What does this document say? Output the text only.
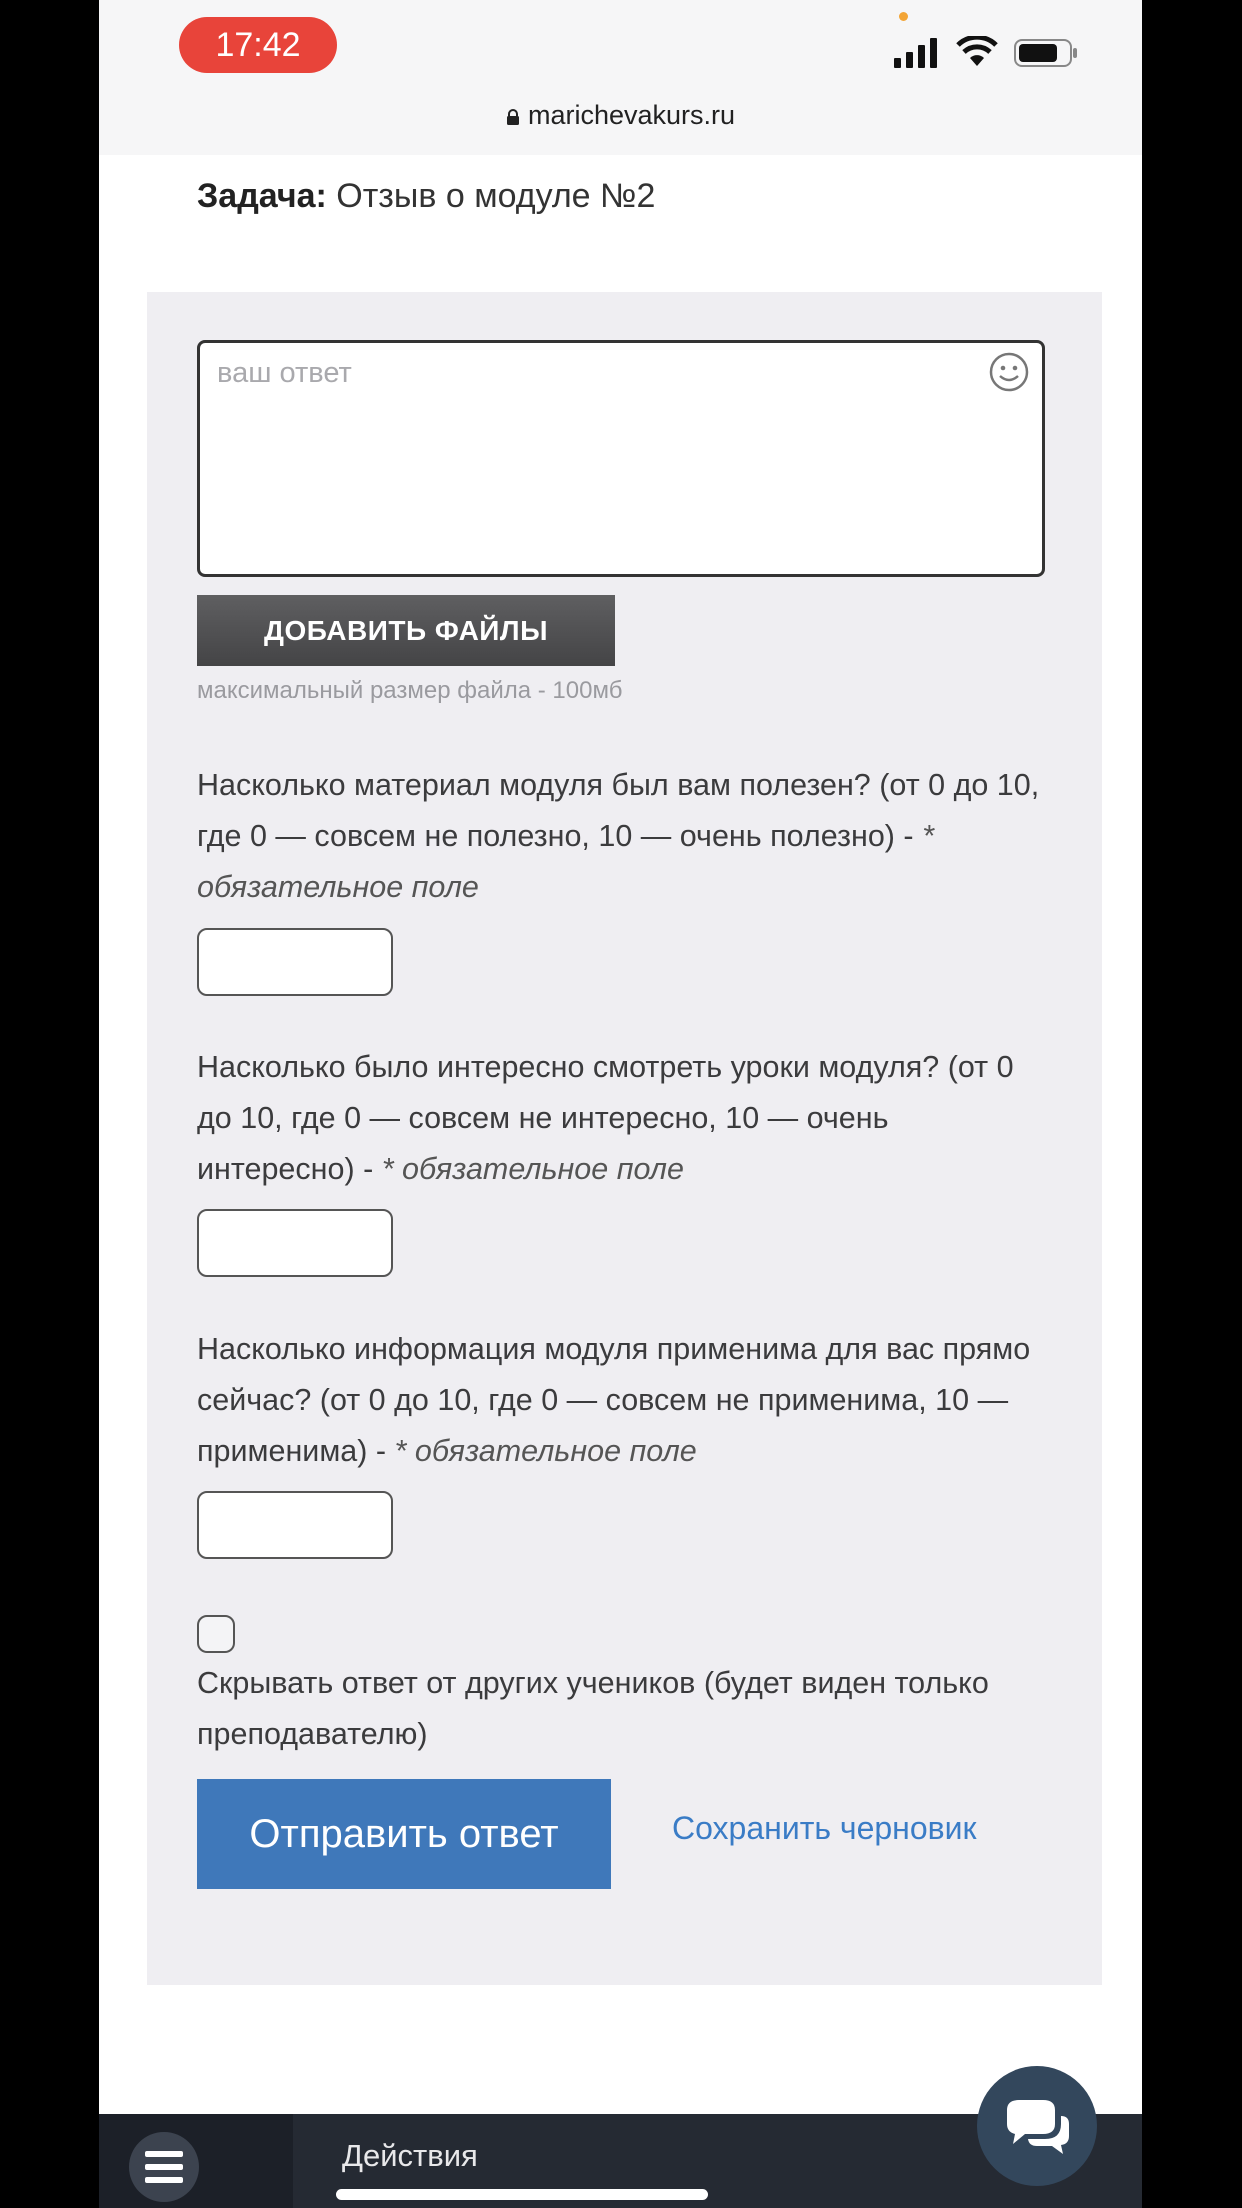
17:42
marichevakurs.ru
Задача: Отзыв о модуле №2
ваш ответ
ДОБАВИТЬ ФАЙЛЫ
максимальный размер файла - 100мб
Насколько материал модуля был вам полезен? (от 0 до 10, где 0 — совсем не полезно, 10 — очень полезно) - * обязательное поле
Насколько было интересно смотреть уроки модуля? (от 0 до 10, где 0 — совсем не интересно, 10 — очень интересно) - * обязательное поле
Насколько информация модуля применима для вас прямо сейчас? (от 0 до 10, где 0 — совсем не применима, 10 — применима) - * обязательное поле
Скрывать ответ от других учеников (будет виден только преподавателю)
Отправить ответ	Сохранить черновик
Действия
